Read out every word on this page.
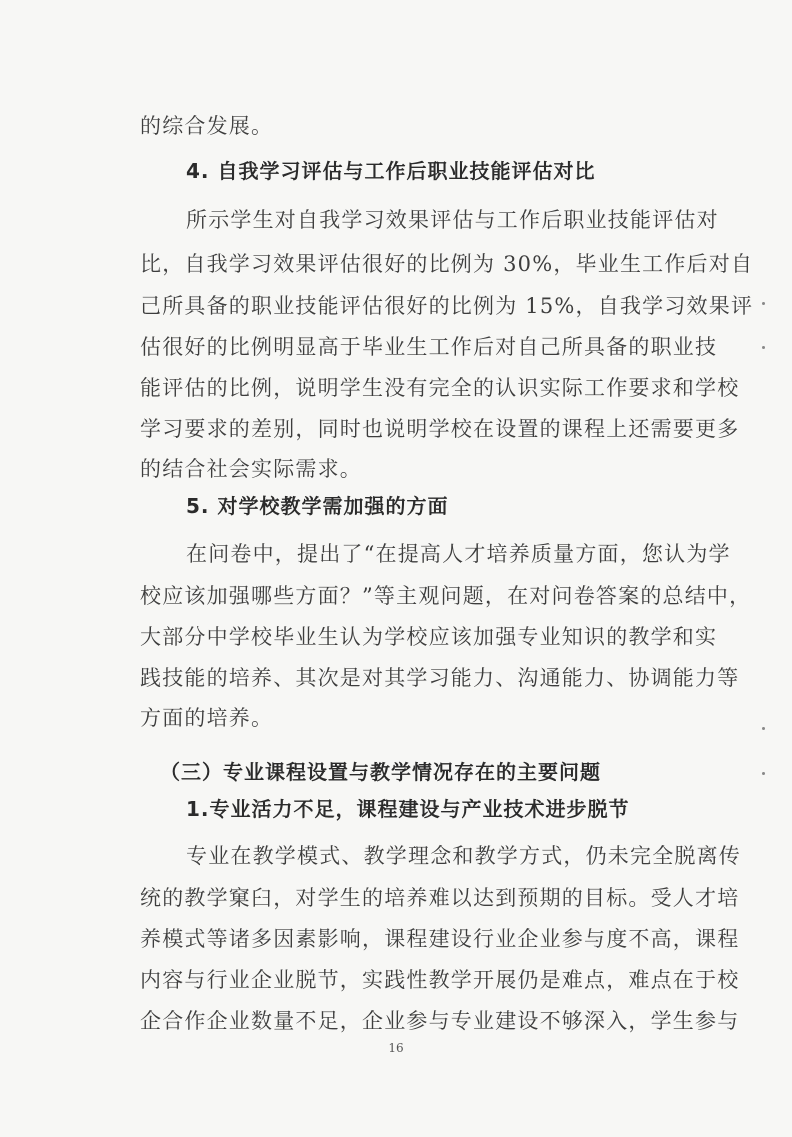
的综合发展。
4. 自我学习评估与工作后职业技能评估对比
所示学生对自我学习效果评估与工作后职业技能评估对
比，自我学习效果评估很好的比例为 30%，毕业生工作后对自
己所具备的职业技能评估很好的比例为 15%，自我学习效果评
估很好的比例明显高于毕业生工作后对自己所具备的职业技
能评估的比例，说明学生没有完全的认识实际工作要求和学校
学习要求的差别，同时也说明学校在设置的课程上还需要更多
的结合社会实际需求。
5. 对学校教学需加强的方面
在问卷中，提出了“在提高人才培养质量方面，您认为学
校应该加强哪些方面？”等主观问题，在对问卷答案的总结中，
大部分中学校毕业生认为学校应该加强专业知识的教学和实
践技能的培养、其次是对其学习能力、沟通能力、协调能力等
方面的培养。
（三）专业课程设置与教学情况存在的主要问题
1.专业活力不足，课程建设与产业技术进步脱节
专业在教学模式、教学理念和教学方式，仍未完全脱离传
统的教学窠臼，对学生的培养难以达到预期的目标。受人才培
养模式等诸多因素影响，课程建设行业企业参与度不高，课程
内容与行业企业脱节，实践性教学开展仍是难点，难点在于校
企合作企业数量不足，企业参与专业建设不够深入，学生参与
16
